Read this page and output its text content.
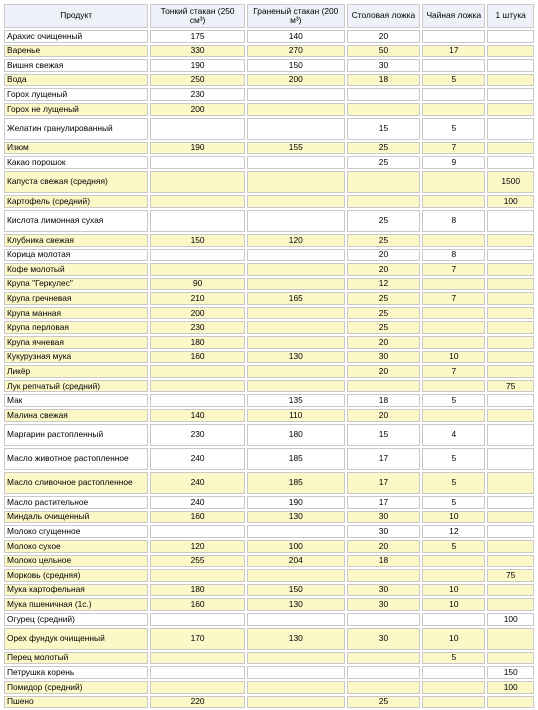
Продукт	Тонкий стакан (250 см³)	Граненый стакан (200 м³)	Столовая ложка	Чайная ложка	1 штука
Арахис очищенный	175	140	20		
Варенье	330	270	50	17	
Вишня свежая	190	150	30		
Вода	250	200	18	5	
Горох лущеный	230				
Горох не лущеный	200				
Желатин гранулированный			15	5	
Изюм	190	155	25	7	
Какао порошок			25	9	
Капуста свежая (средняя)					1500
Картофель (средний)					100
Кислота лимонная сухая			25	8	
Клубника свежая	150	120	25		
Корица молотая			20	8	
Кофе молотый			20	7	
Крупа "Геркулес"	90		12		
Крупа гречневая	210	165	25	7	
Крупа манная	200		25		
Крупа перловая	230		25		
Крупа ячневая	180		20		
Кукурузная мука	160	130	30	10	
Ликёр			20	7	
Лук репчатый (средний)					75
Мак		135	18	5	
Малина свежая	140	110	20		
Маргарин растопленный	230	180	15	4	
Масло животное растопленное	240	185	17	5	
Масло сливочное растопленное	240	185	17	5	
Масло растительное	240	190	17	5	
Миндаль очищенный	160	130	30	10	
Молоко сгущенное			30	12	
Молоко сухое	120	100	20	5	
Молоко цельное	255	204	18		
Морковь (средняя)					75
Мука картофельная	180	150	30	10	
Мука пшеничная (1с.)	160	130	30	10	
Огурец (средний)					100
Орех фундук очищенный	170	130	30	10	
Перец молотый				5	
Петрушка корень					150
Помидор (средний)					100
Пшено	220		25		
